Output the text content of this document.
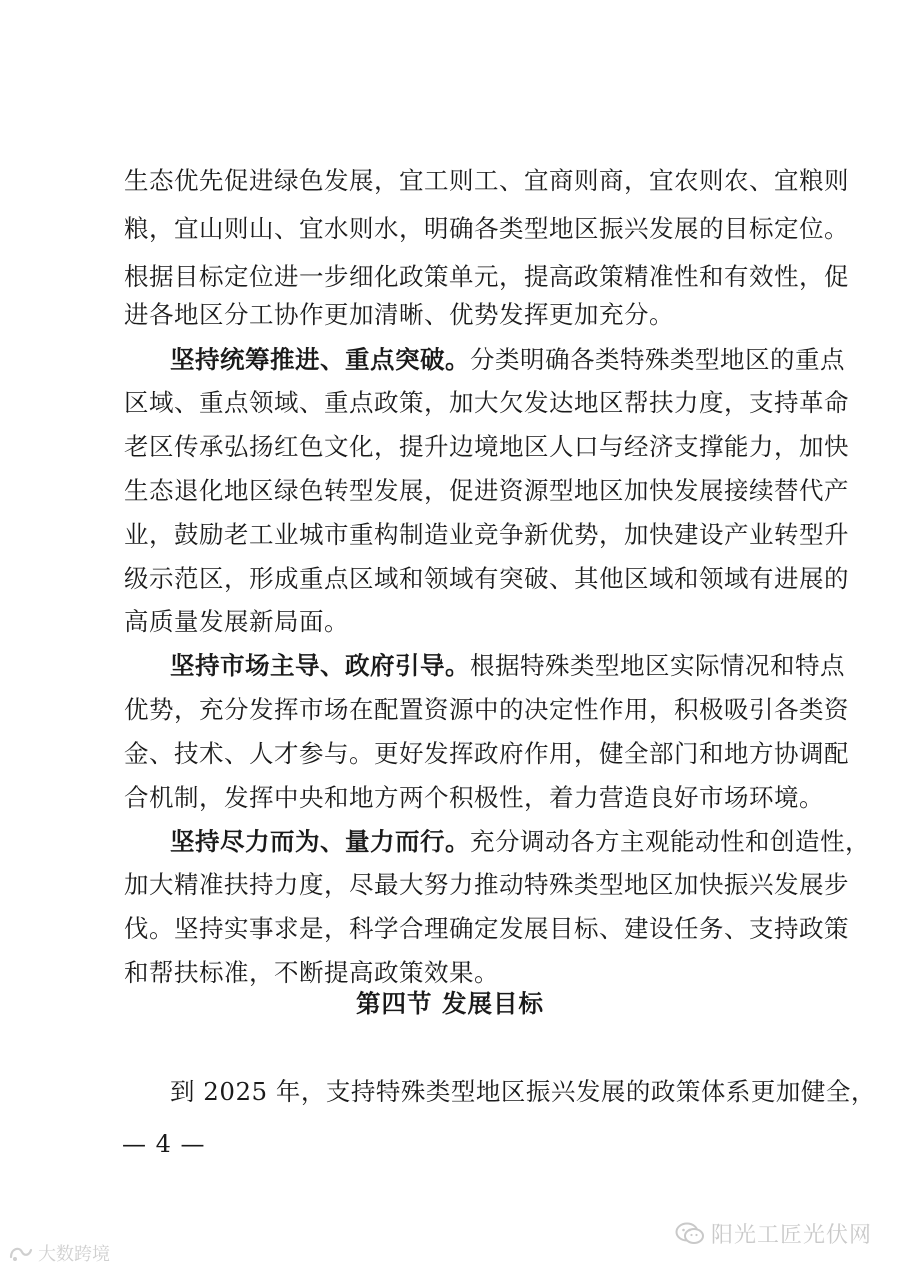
生态优先促进绿色发展，宜工则工、宜商则商，宜农则农、宜粮则
粮，宜山则山、宜水则水，明确各类型地区振兴发展的目标定位。
根据目标定位进一步细化政策单元，提高政策精准性和有效性，促
进各地区分工协作更加清晰、优势发挥更加充分。
坚持统筹推进、重点突破。分类明确各类特殊类型地区的重点
区域、重点领域、重点政策，加大欠发达地区帮扶力度，支持革命
老区传承弘扬红色文化，提升边境地区人口与经济支撑能力，加快
生态退化地区绿色转型发展，促进资源型地区加快发展接续替代产
业，鼓励老工业城市重构制造业竞争新优势，加快建设产业转型升
级示范区，形成重点区域和领域有突破、其他区域和领域有进展的
高质量发展新局面。
坚持市场主导、政府引导。根据特殊类型地区实际情况和特点
优势，充分发挥市场在配置资源中的决定性作用，积极吸引各类资
金、技术、人才参与。更好发挥政府作用，健全部门和地方协调配
合机制，发挥中央和地方两个积极性，着力营造良好市场环境。
坚持尽力而为、量力而行。充分调动各方主观能动性和创造性，
加大精准扶持力度，尽最大努力推动特殊类型地区加快振兴发展步
伐。坚持实事求是，科学合理确定发展目标、建设任务、支持政策
和帮扶标准，不断提高政策效果。
第四节 发展目标
到 2025 年，支持特殊类型地区振兴发展的政策体系更加健全，
— 4 —
阳光工匠光伏网
大数跨境
